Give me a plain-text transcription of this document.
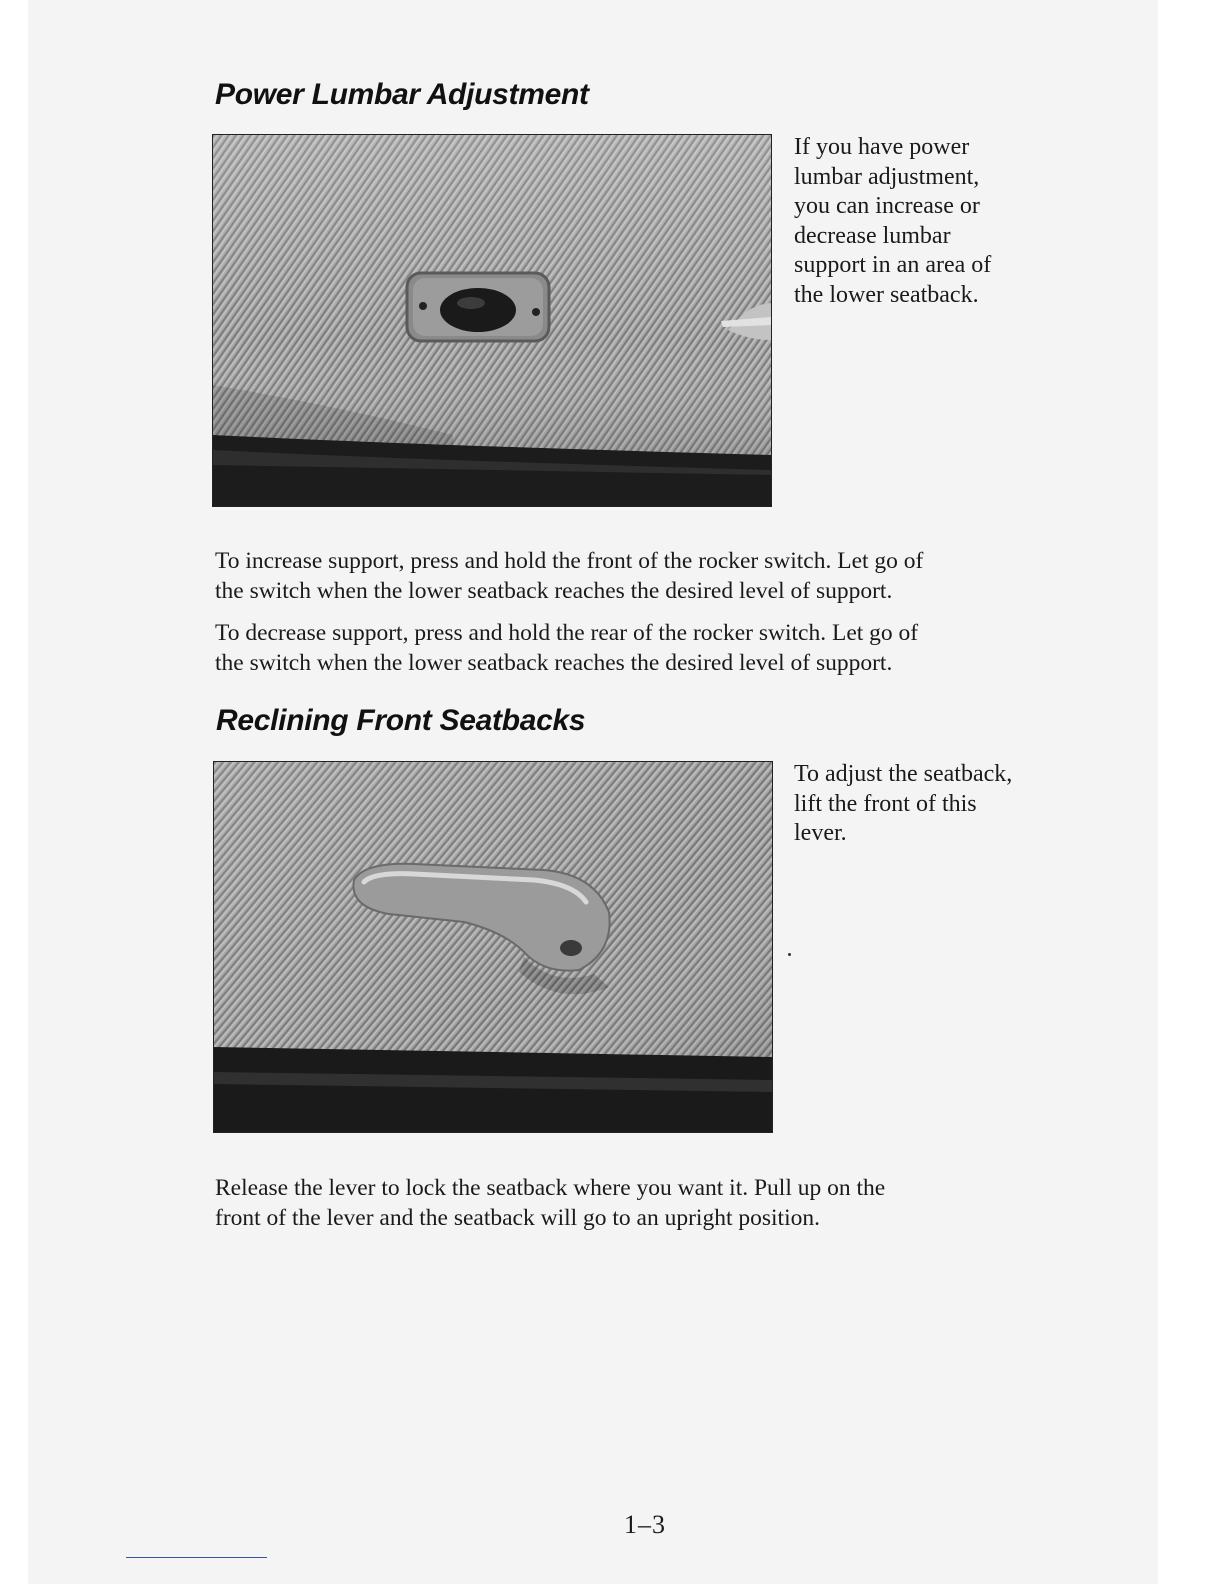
Power Lumbar Adjustment
If you have power
lumbar adjustment,
you can increase or
decrease lumbar
support in an area of
the lower seatback.
To increase support, press and hold the front of the rocker switch. Let go of
the switch when the lower seatback reaches the desired level of support.
To decrease support, press and hold the rear of the rocker switch. Let go of
the switch when the lower seatback reaches the desired level of support.
Reclining Front Seatbacks
To adjust the seatback,
lift the front of this
lever.
Release the lever to lock the seatback where you want it. Pull up on the
front of the lever and the seatback will go to an upright position.
1–3
